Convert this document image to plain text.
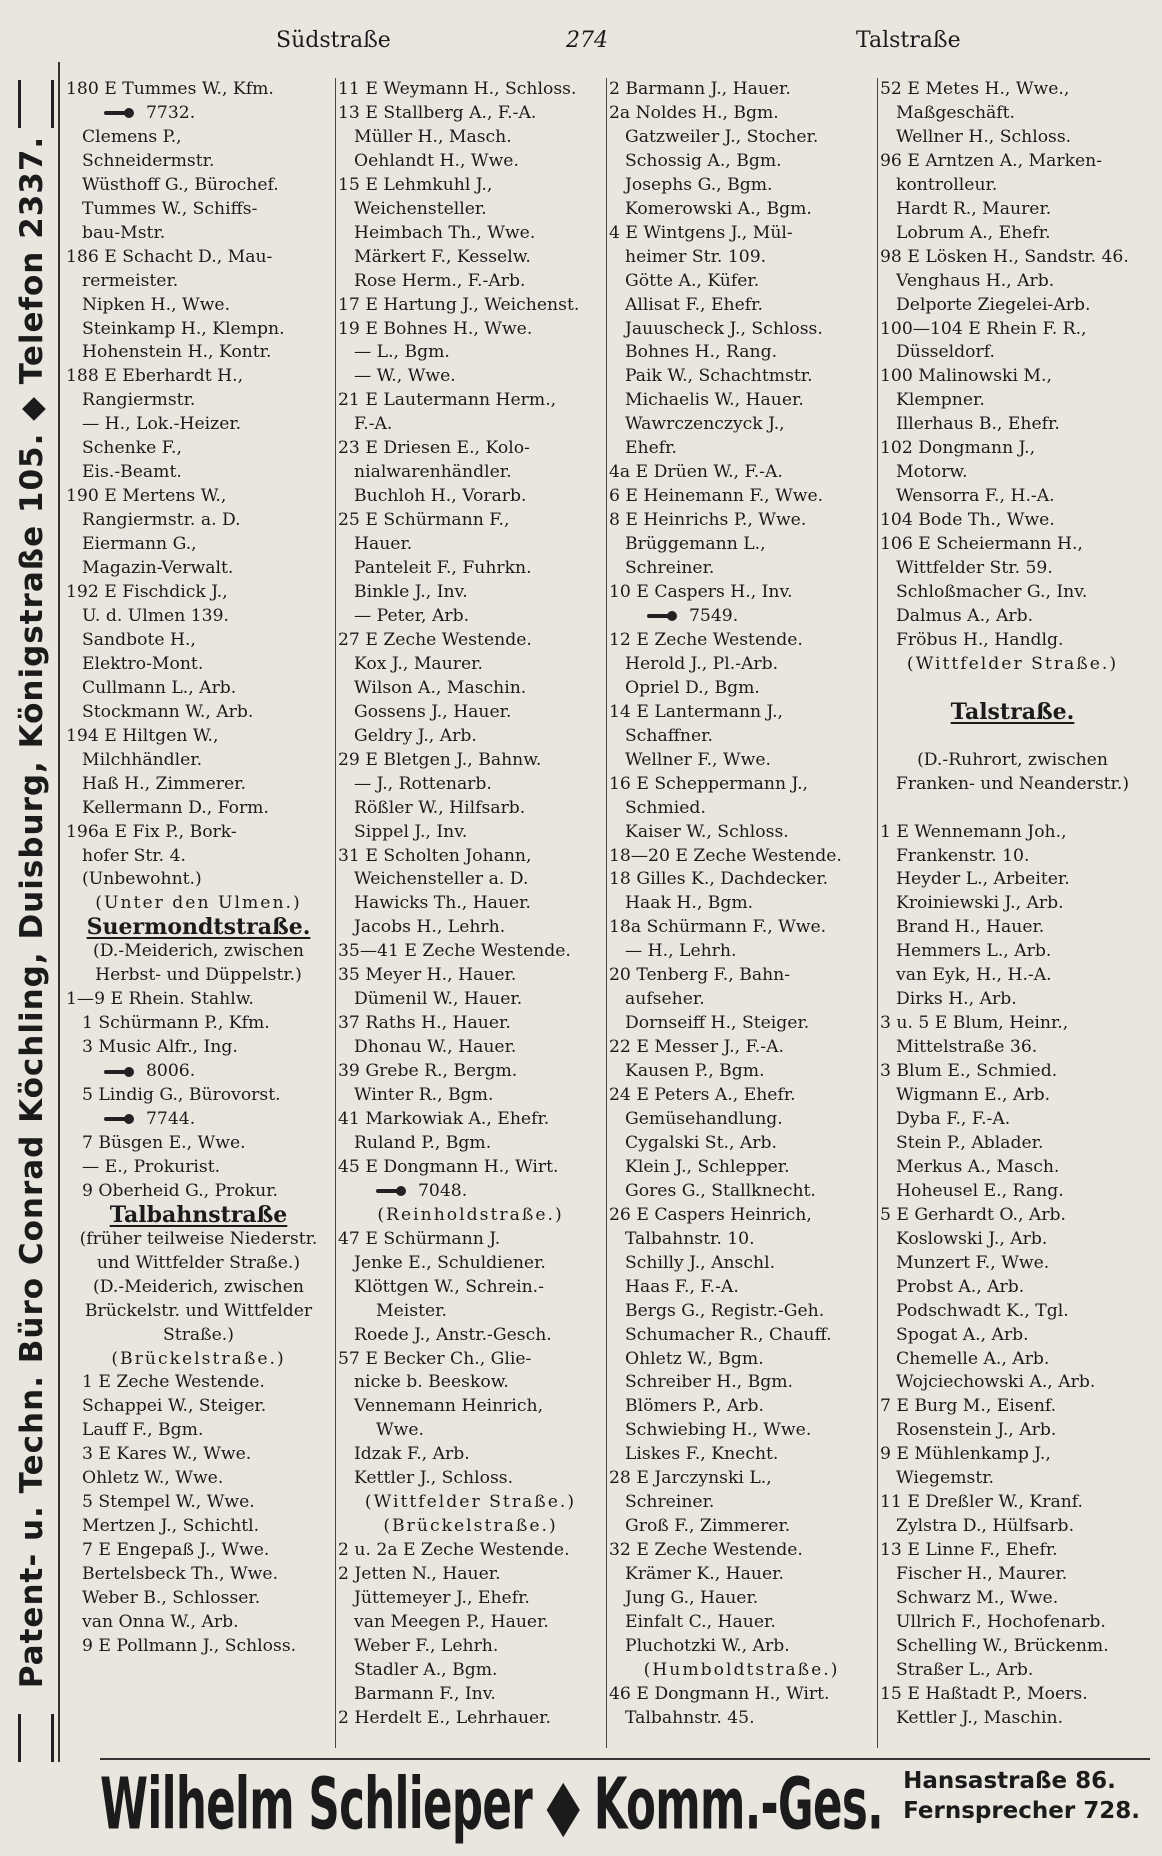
Südstraße	274	Talstraße
Patent- u. Techn. Büro Conrad Köchling, Duisburg, Königstraße 105. ◆ Telefon 2337.
180 E Tummes W., Kfm.
7732.
Clemens P.,
Schneidermstr.
Wüsthoff G., Bürochef.
Tummes W., Schiffs-
bau-Mstr.
186 E Schacht D., Mau-
rermeister.
Nipken H., Wwe.
Steinkamp H., Klempn.
Hohenstein H., Kontr.
188 E Eberhardt H.,
Rangiermstr.
— H., Lok.-Heizer.
Schenke F.,
Eis.-Beamt.
190 E Mertens W.,
Rangiermstr. a. D.
Eiermann G.,
Magazin-Verwalt.
192 E Fischdick J.,
U. d. Ulmen 139.
Sandbote H.,
Elektro-Mont.
Cullmann L., Arb.
Stockmann W., Arb.
194 E Hiltgen W.,
Milchhändler.
Haß H., Zimmerer.
Kellermann D., Form.
196a E Fix P., Bork-
hofer Str. 4.
(Unbewohnt.)
(Unter den Ulmen.)
Suermondtstraße.
(D.-Meiderich, zwischen
Herbst- und Düppelstr.)
1—9 E Rhein. Stahlw.
1 Schürmann P., Kfm.
3 Music Alfr., Ing.
8006.
5 Lindig G., Bürovorst.
7744.
7 Büsgen E., Wwe.
— E., Prokurist.
9 Oberheid G., Prokur.
Talbahnstraße
(früher teilweise Niederstr.
und Wittfelder Straße.)
(D.-Meiderich, zwischen
Brückelstr. und Wittfelder
Straße.)
(Brückelstraße.)
1 E Zeche Westende.
Schappei W., Steiger.
Lauff F., Bgm.
3 E Kares W., Wwe.
Ohletz W., Wwe.
5 Stempel W., Wwe.
Mertzen J., Schichtl.
7 E Engepaß J., Wwe.
Bertelsbeck Th., Wwe.
Weber B., Schlosser.
van Onna W., Arb.
9 E Pollmann J., Schloss.
11 E Weymann H., Schloss.
13 E Stallberg A., F.-A.
Müller H., Masch.
Oehlandt H., Wwe.
15 E Lehmkuhl J.,
Weichensteller.
Heimbach Th., Wwe.
Märkert F., Kesselw.
Rose Herm., F.-Arb.
17 E Hartung J., Weichenst.
19 E Bohnes H., Wwe.
— L., Bgm.
— W., Wwe.
21 E Lautermann Herm.,
F.-A.
23 E Driesen E., Kolo-
nialwarenhändler.
Buchloh H., Vorarb.
25 E Schürmann F.,
Hauer.
Panteleit F., Fuhrkn.
Binkle J., Inv.
— Peter, Arb.
27 E Zeche Westende.
Kox J., Maurer.
Wilson A., Maschin.
Gossens J., Hauer.
Geldry J., Arb.
29 E Bletgen J., Bahnw.
— J., Rottenarb.
Rößler W., Hilfsarb.
Sippel J., Inv.
31 E Scholten Johann,
Weichensteller a. D.
Hawicks Th., Hauer.
Jacobs H., Lehrh.
35—41 E Zeche Westende.
35 Meyer H., Hauer.
Dümenil W., Hauer.
37 Raths H., Hauer.
Dhonau W., Hauer.
39 Grebe R., Bergm.
Winter R., Bgm.
41 Markowiak A., Ehefr.
Ruland P., Bgm.
45 E Dongmann H., Wirt.
7048.
(Reinholdstraße.)
47 E Schürmann J.
Jenke E., Schuldiener.
Klöttgen W., Schrein.-
Meister.
Roede J., Anstr.-Gesch.
57 E Becker Ch., Glie-
nicke b. Beeskow.
Vennemann Heinrich,
Wwe.
Idzak F., Arb.
Kettler J., Schloss.
(Wittfelder Straße.)
(Brückelstraße.)
2 u. 2a E Zeche Westende.
2 Jetten N., Hauer.
Jüttemeyer J., Ehefr.
van Meegen P., Hauer.
Weber F., Lehrh.
Stadler A., Bgm.
Barmann F., Inv.
2 Herdelt E., Lehrhauer.
2 Barmann J., Hauer.
2a Noldes H., Bgm.
Gatzweiler J., Stocher.
Schossig A., Bgm.
Josephs G., Bgm.
Komerowski A., Bgm.
4 E Wintgens J., Mül-
heimer Str. 109.
Götte A., Küfer.
Allisat F., Ehefr.
Jauuscheck J., Schloss.
Bohnes H., Rang.
Paik W., Schachtmstr.
Michaelis W., Hauer.
Wawrczenczyck J.,
Ehefr.
4a E Drüen W., F.-A.
6 E Heinemann F., Wwe.
8 E Heinrichs P., Wwe.
Brüggemann L.,
Schreiner.
10 E Caspers H., Inv.
7549.
12 E Zeche Westende.
Herold J., Pl.-Arb.
Opriel D., Bgm.
14 E Lantermann J.,
Schaffner.
Wellner F., Wwe.
16 E Scheppermann J.,
Schmied.
Kaiser W., Schloss.
18—20 E Zeche Westende.
18 Gilles K., Dachdecker.
Haak H., Bgm.
18a Schürmann F., Wwe.
— H., Lehrh.
20 Tenberg F., Bahn-
aufseher.
Dornseiff H., Steiger.
22 E Messer J., F.-A.
Kausen P., Bgm.
24 E Peters A., Ehefr.
Gemüsehandlung.
Cygalski St., Arb.
Klein J., Schlepper.
Gores G., Stallknecht.
26 E Caspers Heinrich,
Talbahnstr. 10.
Schilly J., Anschl.
Haas F., F.-A.
Bergs G., Registr.-Geh.
Schumacher R., Chauff.
Ohletz W., Bgm.
Schreiber H., Bgm.
Blömers P., Arb.
Schwiebing H., Wwe.
Liskes F., Knecht.
28 E Jarczynski L.,
Schreiner.
Groß F., Zimmerer.
32 E Zeche Westende.
Krämer K., Hauer.
Jung G., Hauer.
Einfalt C., Hauer.
Pluchotzki W., Arb.
(Humboldtstraße.)
46 E Dongmann H., Wirt.
Talbahnstr. 45.
52 E Metes H., Wwe.,
Maßgeschäft.
Wellner H., Schloss.
96 E Arntzen A., Marken-
kontrolleur.
Hardt R., Maurer.
Lobrum A., Ehefr.
98 E Lösken H., Sandstr. 46.
Venghaus H., Arb.
Delporte Ziegelei-Arb.
100—104 E Rhein F. R.,
Düsseldorf.
100 Malinowski M.,
Klempner.
Illerhaus B., Ehefr.
102 Dongmann J.,
Motorw.
Wensorra F., H.-A.
104 Bode Th., Wwe.
106 E Scheiermann H.,
Wittfelder Str. 59.
Schloßmacher G., Inv.
Dalmus A., Arb.
Fröbus H., Handlg.
(Wittfelder Straße.)
Talstraße.
(D.-Ruhrort, zwischen
Franken- und Neanderstr.)
1 E Wennemann Joh.,
Frankenstr. 10.
Heyder L., Arbeiter.
Kroiniewski J., Arb.
Brand H., Hauer.
Hemmers L., Arb.
van Eyk, H., H.-A.
Dirks H., Arb.
3 u. 5 E Blum, Heinr.,
Mittelstraße 36.
3 Blum E., Schmied.
Wigmann E., Arb.
Dyba F., F.-A.
Stein P., Ablader.
Merkus A., Masch.
Hoheusel E., Rang.
5 E Gerhardt O., Arb.
Koslowski J., Arb.
Munzert F., Wwe.
Probst A., Arb.
Podschwadt K., Tgl.
Spogat A., Arb.
Chemelle A., Arb.
Wojciechowski A., Arb.
7 E Burg M., Eisenf.
Rosenstein J., Arb.
9 E Mühlenkamp J.,
Wiegemstr.
11 E Dreßler W., Kranf.
Zylstra D., Hülfsarb.
13 E Linne F., Ehefr.
Fischer H., Maurer.
Schwarz M., Wwe.
Ullrich F., Hochofenarb.
Schelling W., Brückenm.
Straßer L., Arb.
15 E Haßtadt P., Moers.
Kettler J., Maschin.
Wilhelm Schlieper ◆ Komm.-Ges. Hansastraße 86.
Fernsprecher 728.
